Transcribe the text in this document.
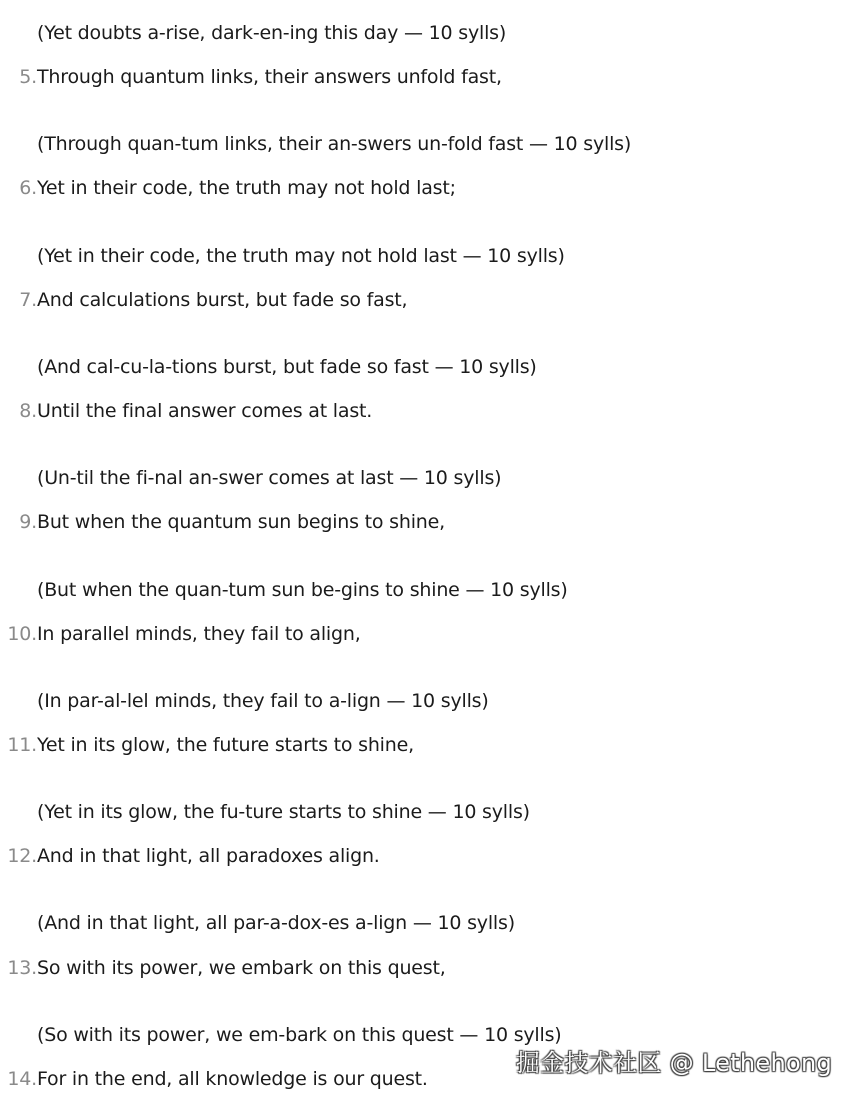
(Yet doubts a-rise, dark-en-ing this day — 10 sylls)
5.Through quantum links, their answers unfold fast,
(Through quan-tum links, their an-swers un-fold fast — 10 sylls)
6.Yet in their code, the truth may not hold last;
(Yet in their code, the truth may not hold last — 10 sylls)
7.And calculations burst, but fade so fast,
(And cal-cu-la-tions burst, but fade so fast — 10 sylls)
8.Until the final answer comes at last.
(Un-til the fi-nal an-swer comes at last — 10 sylls)
9.But when the quantum sun begins to shine,
(But when the quan-tum sun be-gins to shine — 10 sylls)
10.In parallel minds, they fail to align,
(In par-al-lel minds, they fail to a-lign — 10 sylls)
11.Yet in its glow, the future starts to shine,
(Yet in its glow, the fu-ture starts to shine — 10 sylls)
12.And in that light, all paradoxes align.
(And in that light, all par-a-dox-es a-lign — 10 sylls)
13.So with its power, we embark on this quest,
(So with its power, we em-bark on this quest — 10 sylls)
14.For in the end, all knowledge is our quest.
掘金技术社区 @ Lethehong
